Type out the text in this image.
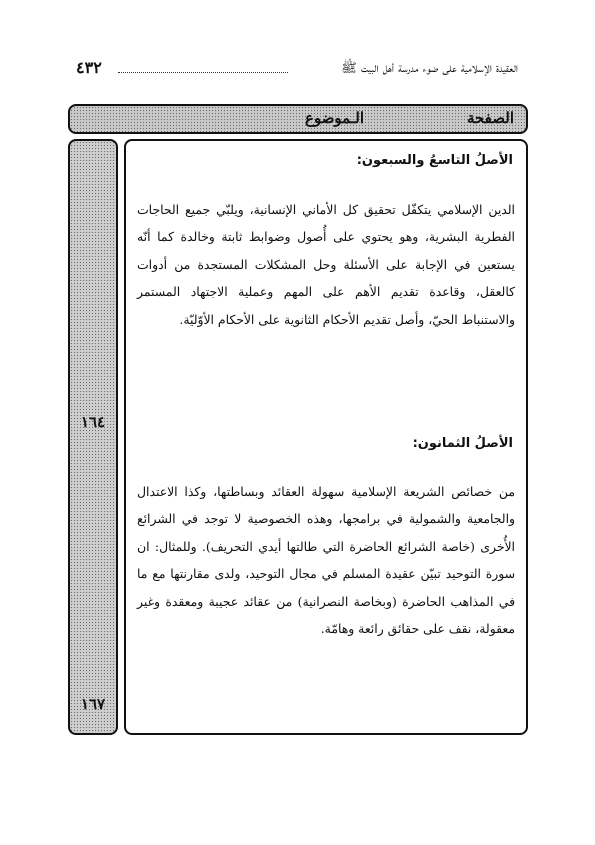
العقيدة الإسلامية على ضوء مدرسة أهل البيت ﷺ
٤٣٢
الـموضوع	الصفحة
١٦٤
١٦٧
الأصلُ التاسعُ والسبعون:

الدين الإسلامي يتكفّل تحقيق كل الأماني الإنسانية، ويلبّي جميع الحاجات الفطرية البشرية، وهو يحتوي على أُصول وضوابط ثابتة وخالدة كما أنّه يستعين في الإجابة على الأسئلة وحل المشكلات المستجدة من أدوات كالعقل، وقاعدة تقديم الأهم على المهم وعملية الاجتهاد المستمر والاستنباط الحيّ، وأصل تقديم الأحكام الثانوية على الأحكام الأوّليّة.

الأصلُ الثمانون:

من خصائص الشريعة الإسلامية سهولة العقائد وبساطتها، وكذا الاعتدال والجامعية والشمولية في برامجها، وهذه الخصوصية لا توجد في الشرائع الأُخرى (خاصة الشرائع الحاضرة التي طالتها أيدي التحريف). وللمثال: ان سورة التوحيد تبيّن عقيدة المسلم في مجال التوحيد، ولدى مقارنتها مع ما في المذاهب الحاضرة (وبخاصة النصرانية) من عقائد عجيبة ومعقدة وغير معقولة، نقف على حقائق رائعة وهامّة.
